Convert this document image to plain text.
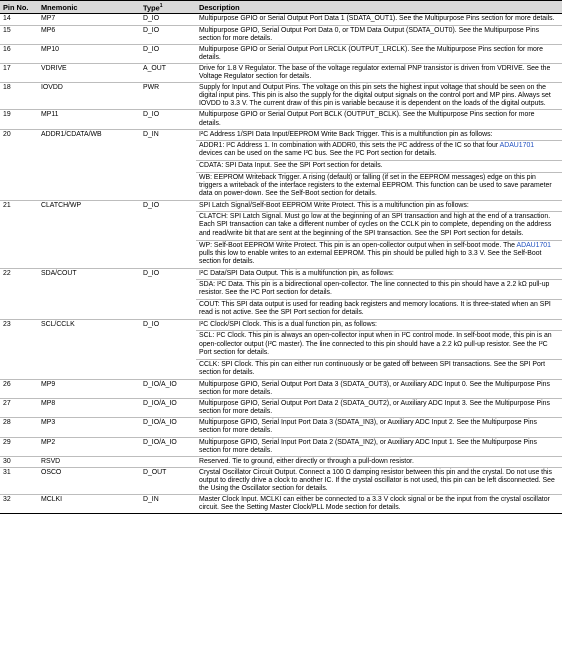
Pin No.	Mnemonic	Type$^1$	Description
14	MP7	D_IO	Multipurpose GPIO or Serial Output Port Data 1 (SDATA_OUT1). See the Multipurpose Pins section for more details.

15	MP6	D_IO	Multipurpose GPIO, Serial Output Port Data 0, or TDM Data Output (SDATA_OUT0). See the Multipurpose Pins section for more details.

16	MP10	D_IO	Multipurpose GPIO or Serial Output Port LRCLK (OUTPUT_LRCLK). See the Multipurpose Pins section for more details.

17	VDRIVE	A_OUT	Drive for 1.8 V Regulator. The base of the voltage regulator external PNP transistor is driven from VDRIVE. See the Voltage Regulator section for details.

18	IOVDD	PWR	Supply for Input and Output Pins. The voltage on this pin sets the highest input voltage that should be seen on the digital input pins. This pin is also the supply for the digital output signals on the control port and MP pins. Always set IOVDD to 3.3 V. The current draw of this pin is variable because it is dependent on the loads of the digital outputs.

19	MP11	D_IO	Multipurpose GPIO or Serial Output Port BCLK (OUTPUT_BCLK). See the Multipurpose Pins section for more details.

20	ADDR1/CDATA/WB	D_IN	I²C Address 1/SPI Data Input/EEPROM Write Back Trigger. This is a multifunction pin as follows:
ADDR1: I²C Address 1. In combination with ADDR0, this sets the I²C address of the IC so that four ADAU1701 devices can be used on the same I²C bus. See the I²C Port section for details.
CDATA: SPI Data Input. See the SPI Port section for details.
WB: EEPROM Writeback Trigger. A rising (default) or falling (if set in the EEPROM messages) edge on this pin triggers a writeback of the interface registers to the external EEPROM. This function can be used to save parameter data on power-down. See the Self-Boot section for details.

21	CLATCH/WP	D_IO	SPI Latch Signal/Self-Boot EEPROM Write Protect. This is a multifunction pin as follows:
CLATCH: SPI Latch Signal. Must go low at the beginning of an SPI transaction and high at the end of a transaction. Each SPI transaction can take a different number of cycles on the CCLK pin to complete, depending on the address and read/write bit that are sent at the beginning of the SPI transaction. See the SPI Port section for details.
WP: Self-Boot EEPROM Write Protect. This pin is an open-collector output when in self-boot mode. The ADAU1701 pulls this low to enable writes to an external EEPROM. This pin should be pulled high to 3.3 V. See the Self-Boot section for details.

22	SDA/COUT	D_IO	I²C Data/SPI Data Output. This is a multifunction pin, as follows:
SDA: I²C Data. This pin is a bidirectional open-collector. The line connected to this pin should have a 2.2 kΩ pull-up resistor. See the I²C Port section for details.
COUT: This SPI data output is used for reading back registers and memory locations. It is three-stated when an SPI read is not active. See the SPI Port section for details.

23	SCL/CCLK	D_IO	I²C Clock/SPI Clock. This is a dual function pin, as follows:
SCL: I²C Clock. This pin is always an open-collector input when in I²C control mode. In self-boot mode, this pin is an open-collector output (I²C master). The line connected to this pin should have a 2.2 kΩ pull-up resistor. See the I²C Port section for details.
CCLK: SPI Clock. This pin can either run continuously or be gated off between SPI transactions. See the SPI Port section for details.

26	MP9	D_IO/A_IO	Multipurpose GPIO, Serial Output Port Data 3 (SDATA_OUT3), or Auxiliary ADC Input 0. See the Multipurpose Pins section for more details.

27	MP8	D_IO/A_IO	Multipurpose GPIO, Serial Output Port Data 2 (SDATA_OUT2), or Auxiliary ADC Input 3. See the Multipurpose Pins section for more details.

28	MP3	D_IO/A_IO	Multipurpose GPIO, Serial Input Port Data 3 (SDATA_IN3), or Auxiliary ADC Input 2. See the Multipurpose Pins section for more details.

29	MP2	D_IO/A_IO	Multipurpose GPIO, Serial Input Port Data 2 (SDATA_IN2), or Auxiliary ADC Input 1. See the Multipurpose Pins section for more details.

30	RSVD		Reserved. Tie to ground, either directly or through a pull-down resistor.

31	OSCO	D_OUT	Crystal Oscillator Circuit Output. Connect a 100 Ω damping resistor between this pin and the crystal. Do not use this output to directly drive a clock to another IC. If the crystal oscillator is not used, this pin can be left disconnected. See the Using the Oscillator section for details.

32	MCLKI	D_IN	Master Clock Input. MCLKI can either be connected to a 3.3 V clock signal or be the input from the crystal oscillator circuit. See the Setting Master Clock/PLL Mode section for details.
